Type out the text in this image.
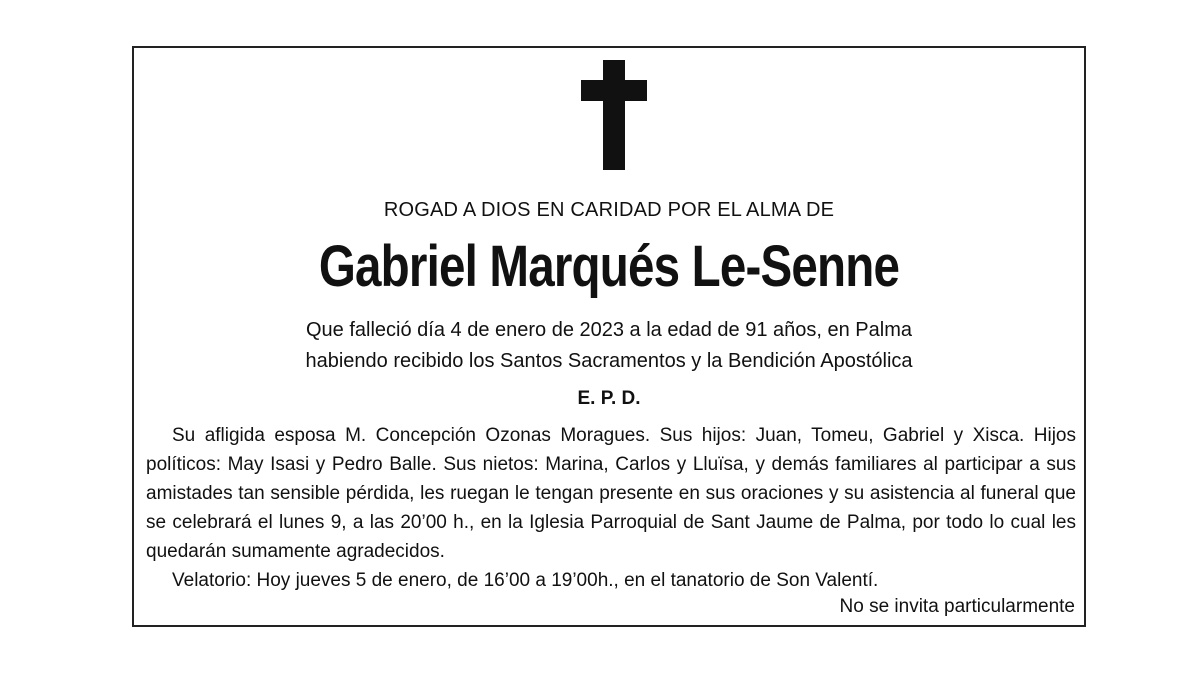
ROGAD A DIOS EN CARIDAD POR EL ALMA DE
Gabriel Marqués Le-Senne
Que falleció día 4 de enero de 2023 a la edad de 91 años, en Palma
habiendo recibido los Santos Sacramentos y la Bendición Apostólica
E. P. D.

Su afligida esposa M. Concepción Ozonas Moragues. Sus hijos: Juan, Tomeu, Gabriel y Xisca. Hijos políticos: May Isasi y Pedro Balle. Sus nietos: Marina, Carlos y Lluïsa, y demás familiares al participar a sus amistades tan sensible pérdida, les ruegan le tengan presente en sus oraciones y su asistencia al funeral que se celebrará el lunes 9, a las 20’00 h., en la Iglesia Parroquial de Sant Jaume de Palma, por todo lo cual les quedarán sumamente agradecidos.

Velatorio: Hoy jueves 5 de enero, de 16’00 a 19’00h., en el tanatorio de Son Valentí.

No se invita particularmente
